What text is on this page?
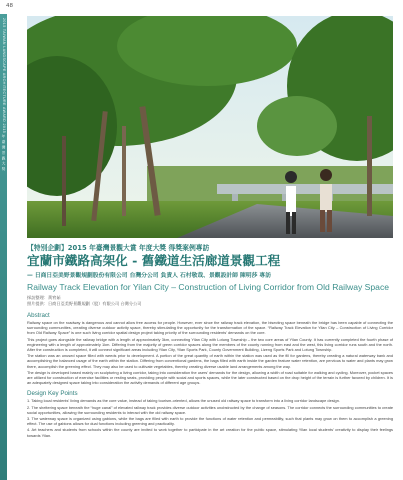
48
2015 TAIWAN LANDSCAPE ARCHITECTURE AWARD 2015 年 臺 灣 景 觀 大 獎
【特別企劃】2015 年臺灣景觀大賞 年度大獎 得獎案例專訪
宜蘭市鐵路高架化 - 舊鐵道生活廊道景觀工程
— 日商日亞美野景觀規劃股份有限公司 台灣分公司 負責人 石村敬哉、景觀設計師 陳明莎 專訪
Railway Track Elevation for Yilan City – Construction of Living Corridor from Old Railway Space

採訪整理：黃宥茹

照片提供：日商日亞美野景觀規劃（股）有限公司 台灣分公司

Abstract

Railway space on the roadway is dangerous and cannot allow free access for people. However, ever since the railway track elevation, the bisecting space beneath the bridge has been capable of connecting the surrounding communities, creating diverse outdoor activity space, thereby stimulating the opportunity for the transformation of the space. “Railway Track Elevation for Yilan City – Construction of Living Corridor from Old Railway Space” is one such living corridor spatial design project taking priority of the surrounding residents' demands on the core.

This project goes alongside the railway bridge with a length of approximately 3km, connecting Yilan City with Lotung Township – the two core areas of Yilan County. It has currently completed the fourth phase of engineering with a length of approximately 1km. Differing from the majority of green corridor spaces along the members of the county running from east and the west, this living corridor runs south and the north. After the construction is completed, it will connect significant areas including Yilan City, Yilan Sports Park, County Government Building, Lizeng Sports Park and Lotung Township.

The station was an unused space filled with weeds prior to development. A portion of the great quantity of earth within the station was used as the fill for gardens, thereby creating a natural waterway bank and accomplishing the balanced usage of the earth within the station. Differing from conventional gardens, the bags filled with earth inside the garden feature water retention, are pervious to water and plants may grow there, accomplish the greening effect. They may also be used to cultivate vegetables, thereby creating diverse usable land arrangements among the way.

The design is developed based mainly on sculpturing a living corridor, taking into consideration the users' demands for the design, allowing a width of road suitable for walking and cycling. Moreover, pocket spaces are utilized for construction of exercise facilities or resting seats, providing people with social and sports spaces, while the later constructed based on the drop height of the terrain is further favored by children. It is an adequately designed space taking into consideration the activity demands of different age groups.

Design Key Points

1. Taking local residents' living demands as the core value, instead of taking tourism-oriented, allows the unused old railway space to transform into a living corridor landscape design.

2. The sheltering space beneath the “huge canal” of elevated railway track provides diverse outdoor activities unobstructed by the change of seasons. The corridor connects the surrounding communities to create social opportunities, allowing the surrounding residents to interact with the old railway space.

3. The waterway space is organized using gabions, while the bags are filled with earth to provide the functions of water retention and permeability, such that plants may grow on them to accomplish a greening effect. The use of gabions allows for dual functions including greening and practicality.

4. Art teachers and students from schools within the county are invited to work together to participate in the art creation for the public space, stimulating Yilan local students' creativity to display their feelings towards Yilan.
